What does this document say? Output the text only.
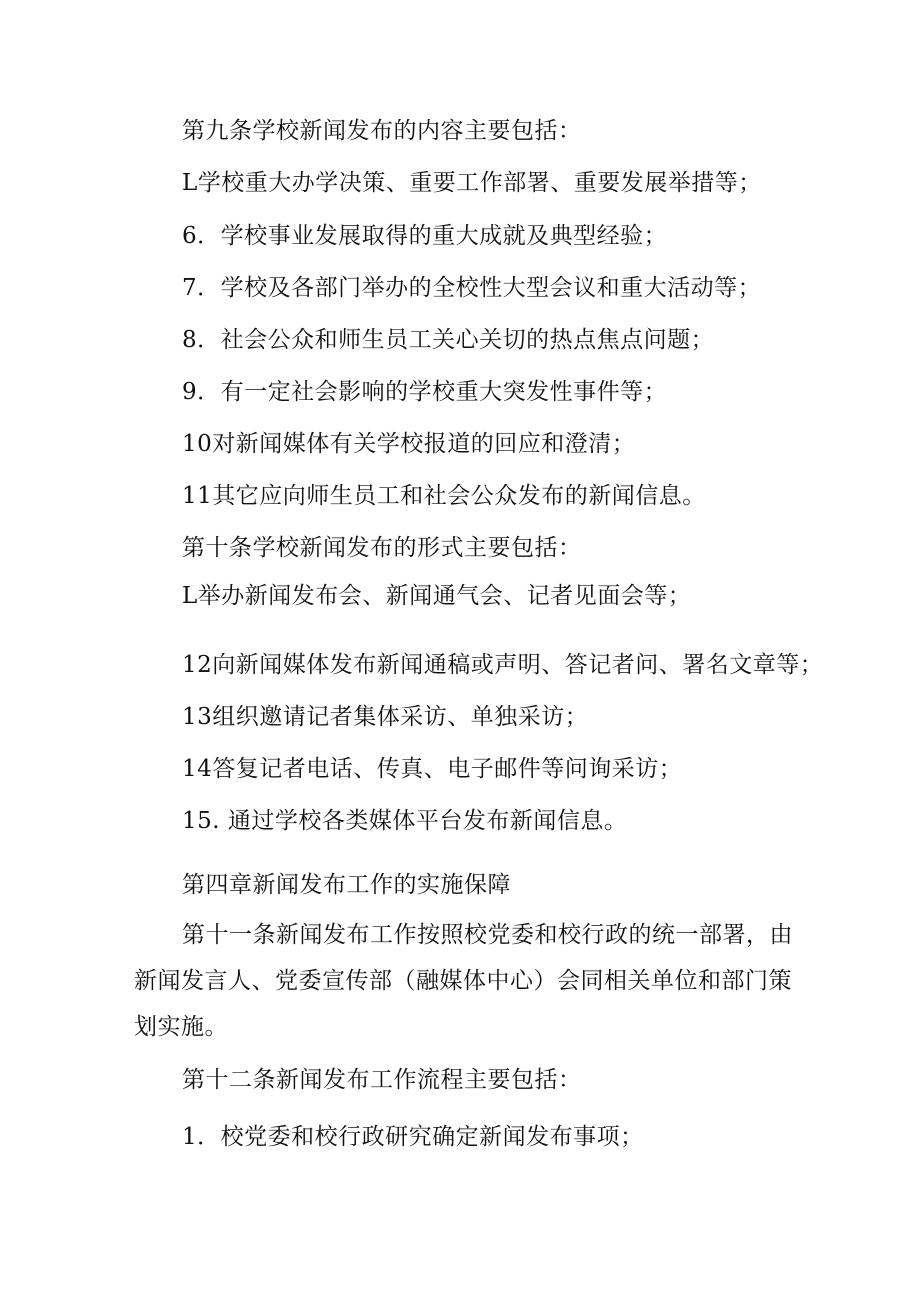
第九条学校新闻发布的内容主要包括：
L学校重大办学决策、重要工作部署、重要发展举措等；
6．学校事业发展取得的重大成就及典型经验；
7．学校及各部门举办的全校性大型会议和重大活动等；
8．社会公众和师生员工关心关切的热点焦点问题；
9．有一定社会影响的学校重大突发性事件等；
10对新闻媒体有关学校报道的回应和澄清；
11其它应向师生员工和社会公众发布的新闻信息。
第十条学校新闻发布的形式主要包括：
L举办新闻发布会、新闻通气会、记者见面会等；
12向新闻媒体发布新闻通稿或声明、答记者问、署名文章等；
13组织邀请记者集体采访、单独采访；
14答复记者电话、传真、电子邮件等问询采访；
15. 通过学校各类媒体平台发布新闻信息。
第四章新闻发布工作的实施保障
第十一条新闻发布工作按照校党委和校行政的统一部署，由
新闻发言人、党委宣传部（融媒体中心）会同相关单位和部门策
划实施。
第十二条新闻发布工作流程主要包括：
1．校党委和校行政研究确定新闻发布事项；
